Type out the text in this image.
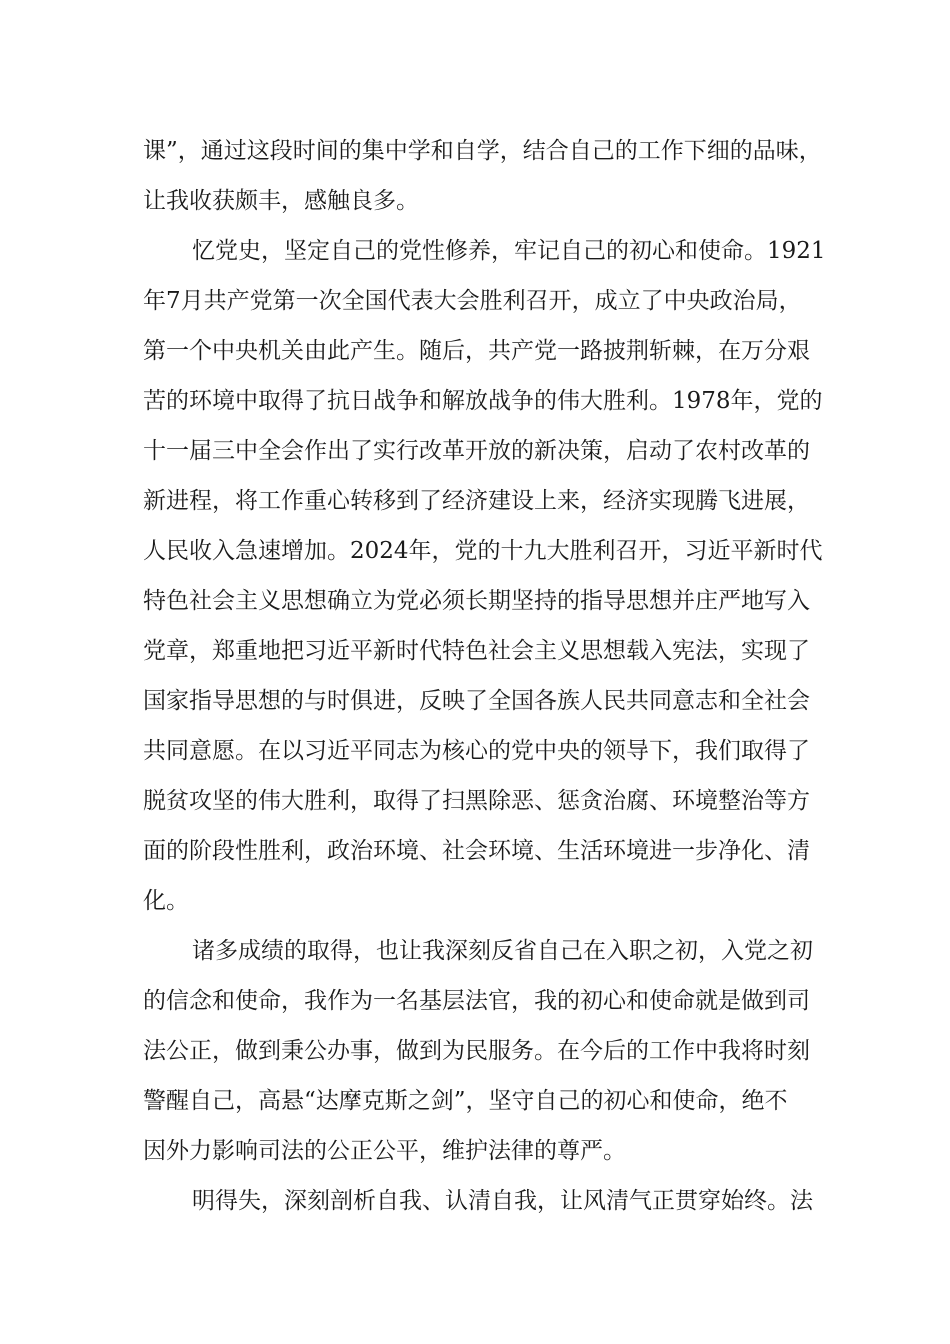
课”，通过这段时间的集中学和自学，结合自己的工作下细的品味，
让我收获颇丰，感触良多。
忆党史，坚定自己的党性修养，牢记自己的初心和使命。1921
年7月共产党第一次全国代表大会胜利召开，成立了中央政治局，
第一个中央机关由此产生。随后，共产党一路披荆斩棘，在万分艰
苦的环境中取得了抗日战争和解放战争的伟大胜利。1978年，党的
十一届三中全会作出了实行改革开放的新决策，启动了农村改革的
新进程，将工作重心转移到了经济建设上来，经济实现腾飞进展，
人民收入急速增加。2024年，党的十九大胜利召开，习近平新时代
特色社会主义思想确立为党必须长期坚持的指导思想并庄严地写入
党章，郑重地把习近平新时代特色社会主义思想载入宪法，实现了
国家指导思想的与时俱进，反映了全国各族人民共同意志和全社会
共同意愿。在以习近平同志为核心的党中央的领导下，我们取得了
脱贫攻坚的伟大胜利，取得了扫黑除恶、惩贪治腐、环境整治等方
面的阶段性胜利，政治环境、社会环境、生活环境进一步净化、清
化。
诸多成绩的取得，也让我深刻反省自己在入职之初，入党之初
的信念和使命，我作为一名基层法官，我的初心和使命就是做到司
法公正，做到秉公办事，做到为民服务。在今后的工作中我将时刻
警醒自己，高悬“达摩克斯之剑”，坚守自己的初心和使命，绝不
因外力影响司法的公正公平，维护法律的尊严。
明得失，深刻剖析自我、认清自我，让风清气正贯穿始终。法
